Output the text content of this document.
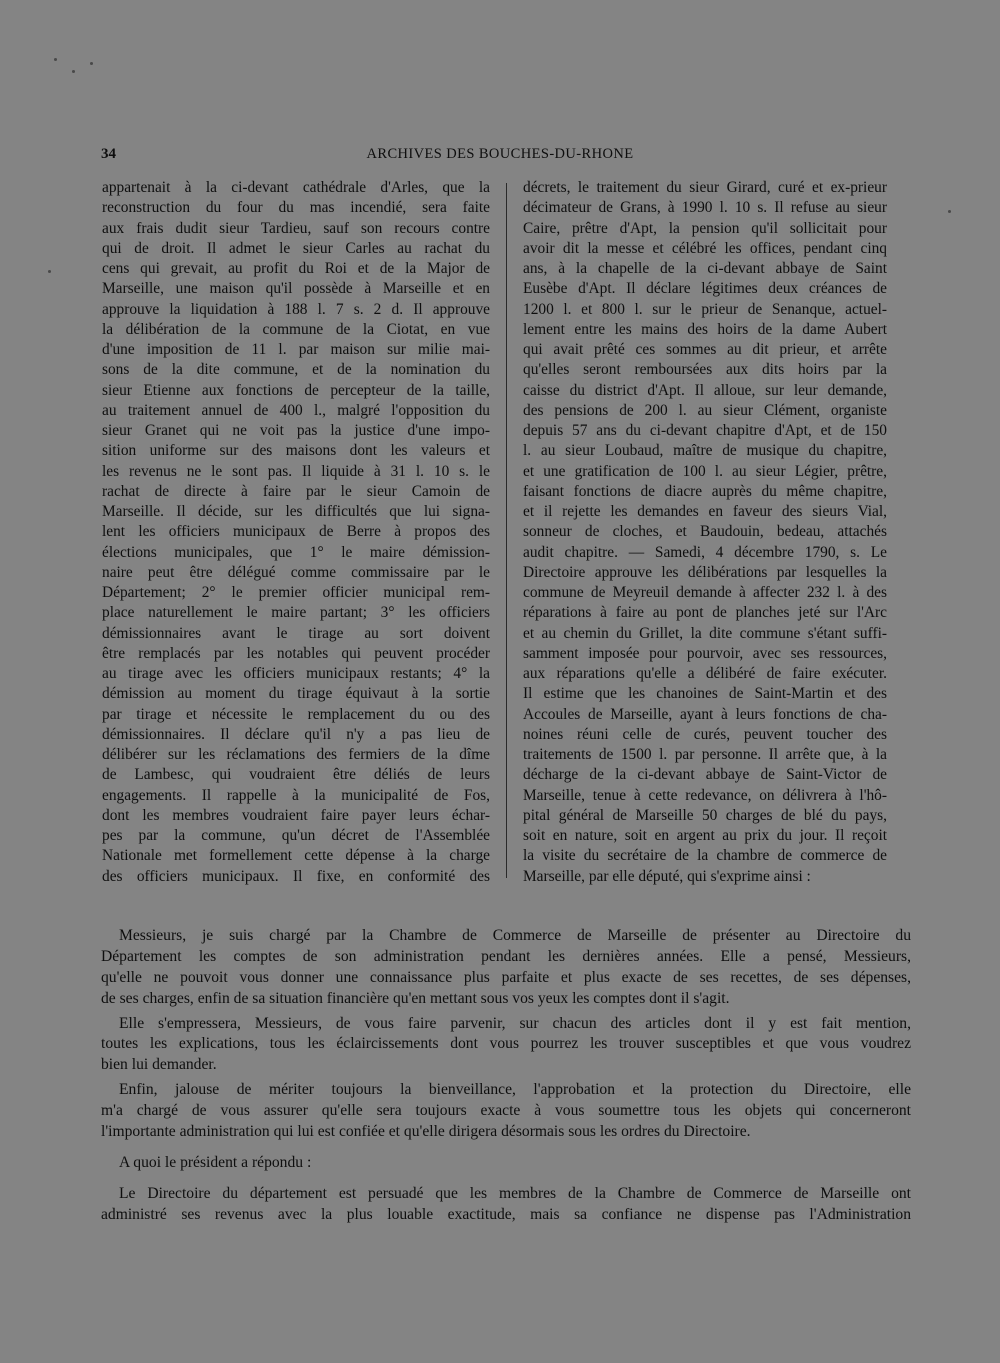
34	ARCHIVES DES BOUCHES-DU-RHONE
appartenait à la ci-devant cathédrale d'Arles, que la
reconstruction du four du mas incendié, sera faite
aux frais dudit sieur Tardieu, sauf son recours contre
qui de droit. Il admet le sieur Carles au rachat du
cens qui grevait, au profit du Roi et de la Major de
Marseille, une maison qu'il possède à Marseille et en
approuve la liquidation à 188 l. 7 s. 2 d. Il approuve
la délibération de la commune de la Ciotat, en vue
d'une imposition de 11 l. par maison sur milie mai-
sons de la dite commune, et de la nomination du
sieur Etienne aux fonctions de percepteur de la taille,
au traitement annuel de 400 l., malgré l'opposition du
sieur Granet qui ne voit pas la justice d'une impo-
sition uniforme sur des maisons dont les valeurs et
les revenus ne le sont pas. Il liquide à 31 l. 10 s. le
rachat de directe à faire par le sieur Camoin de
Marseille. Il décide, sur les difficultés que lui signa-
lent les officiers municipaux de Berre à propos des
élections municipales, que 1° le maire démission-
naire peut être délégué comme commissaire par le
Département; 2° le premier officier municipal rem-
place naturellement le maire partant; 3° les officiers
démissionnaires avant le tirage au sort doivent
être remplacés par les notables qui peuvent procéder
au tirage avec les officiers municipaux restants; 4° la
démission au moment du tirage équivaut à la sortie
par tirage et nécessite le remplacement du ou des
démissionnaires. Il déclare qu'il n'y a pas lieu de
délibérer sur les réclamations des fermiers de la dîme
de Lambesc, qui voudraient être déliés de leurs
engagements. Il rappelle à la municipalité de Fos,
dont les membres voudraient faire payer leurs échar-
pes par la commune, qu'un décret de l'Assemblée
Nationale met formellement cette dépense à la charge
des officiers municipaux. Il fixe, en conformité des
décrets, le traitement du sieur Girard, curé et ex-prieur
décimateur de Grans, à 1990 l. 10 s. Il refuse au sieur
Caire, prêtre d'Apt, la pension qu'il sollicitait pour
avoir dit la messe et célébré les offices, pendant cinq
ans, à la chapelle de la ci-devant abbaye de Saint
Eusèbe d'Apt. Il déclare légitimes deux créances de
1200 l. et 800 l. sur le prieur de Senanque, actuel-
lement entre les mains des hoirs de la dame Aubert
qui avait prêté ces sommes au dit prieur, et arrête
qu'elles seront remboursées aux dits hoirs par la
caisse du district d'Apt. Il alloue, sur leur demande,
des pensions de 200 l. au sieur Clément, organiste
depuis 57 ans du ci-devant chapitre d'Apt, et de 150
l. au sieur Loubaud, maître de musique du chapitre,
et une gratification de 100 l. au sieur Légier, prêtre,
faisant fonctions de diacre auprès du même chapitre,
et il rejette les demandes en faveur des sieurs Vial,
sonneur de cloches, et Baudouin, bedeau, attachés
audit chapitre. — Samedi, 4 décembre 1790, s. Le
Directoire approuve les délibérations par lesquelles la
commune de Meyreuil demande à affecter 232 l. à des
réparations à faire au pont de planches jeté sur l'Arc
et au chemin du Grillet, la dite commune s'étant suffi-
samment imposée pour pourvoir, avec ses ressources,
aux réparations qu'elle a délibéré de faire exécuter.
Il estime que les chanoines de Saint-Martin et des
Accoules de Marseille, ayant à leurs fonctions de cha-
noines réuni celle de curés, peuvent toucher des
traitements de 1500 l. par personne. Il arrête que, à la
décharge de la ci-devant abbaye de Saint-Victor de
Marseille, tenue à cette redevance, on délivrera à l'hô-
pital général de Marseille 50 charges de blé du pays,
soit en nature, soit en argent au prix du jour. Il reçoit
la visite du secrétaire de la chambre de commerce de
Marseille, par elle député, qui s'exprime ainsi :
Messieurs, je suis chargé par la Chambre de Commerce de Marseille de présenter au Directoire du
Département les comptes de son administration pendant les dernières années. Elle a pensé, Messieurs,
qu'elle ne pouvoit vous donner une connaissance plus parfaite et plus exacte de ses recettes, de ses dépenses,
de ses charges, enfin de sa situation financière qu'en mettant sous vos yeux les comptes dont il s'agit.
Elle s'empressera, Messieurs, de vous faire parvenir, sur chacun des articles dont il y est fait mention,
toutes les explications, tous les éclaircissements dont vous pourrez les trouver susceptibles et que vous voudrez
bien lui demander.
Enfin, jalouse de mériter toujours la bienveillance, l'approbation et la protection du Directoire, elle
m'a chargé de vous assurer qu'elle sera toujours exacte à vous soumettre tous les objets qui concerneront
l'importante administration qui lui est confiée et qu'elle dirigera désormais sous les ordres du Directoire.
A quoi le président a répondu :
Le Directoire du département est persuadé que les membres de la Chambre de Commerce de Marseille ont
administré ses revenus avec la plus louable exactitude, mais sa confiance ne dispense pas l'Administration
